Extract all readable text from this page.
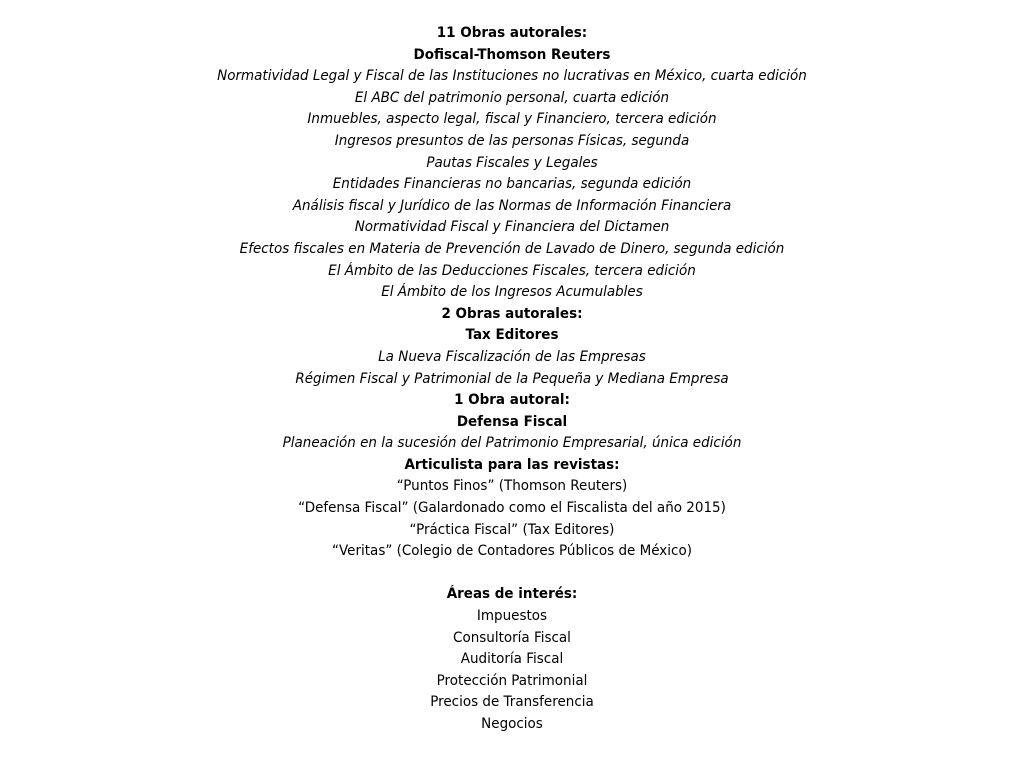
11 Obras autorales:
Dofiscal-Thomson Reuters
Normatividad Legal y Fiscal de las Instituciones no lucrativas en México, cuarta edición
El ABC del patrimonio personal, cuarta edición
Inmuebles, aspecto legal, fiscal y Financiero, tercera edición
Ingresos presuntos de las personas Físicas, segunda
Pautas Fiscales y Legales
Entidades Financieras no bancarias, segunda edición
Análisis fiscal y Jurídico de las Normas de Información Financiera
Normatividad Fiscal y Financiera del Dictamen
Efectos fiscales en Materia de Prevención de Lavado de Dinero, segunda edición
El Ámbito de las Deducciones Fiscales, tercera edición
El Ámbito de los Ingresos Acumulables
2 Obras autorales:
Tax Editores
La Nueva Fiscalización de las Empresas
Régimen Fiscal y Patrimonial de la Pequeña y Mediana Empresa
1 Obra autoral:
Defensa Fiscal
Planeación en la sucesión del Patrimonio Empresarial, única edición
Articulista para las revistas:
“Puntos Finos” (Thomson Reuters)
“Defensa Fiscal” (Galardonado como el Fiscalista del año 2015)
“Práctica Fiscal” (Tax Editores)
“Veritas” (Colegio de Contadores Públicos de México)
Áreas de interés:
Impuestos
Consultoría Fiscal
Auditoría Fiscal
Protección Patrimonial
Precios de Transferencia
Negocios
